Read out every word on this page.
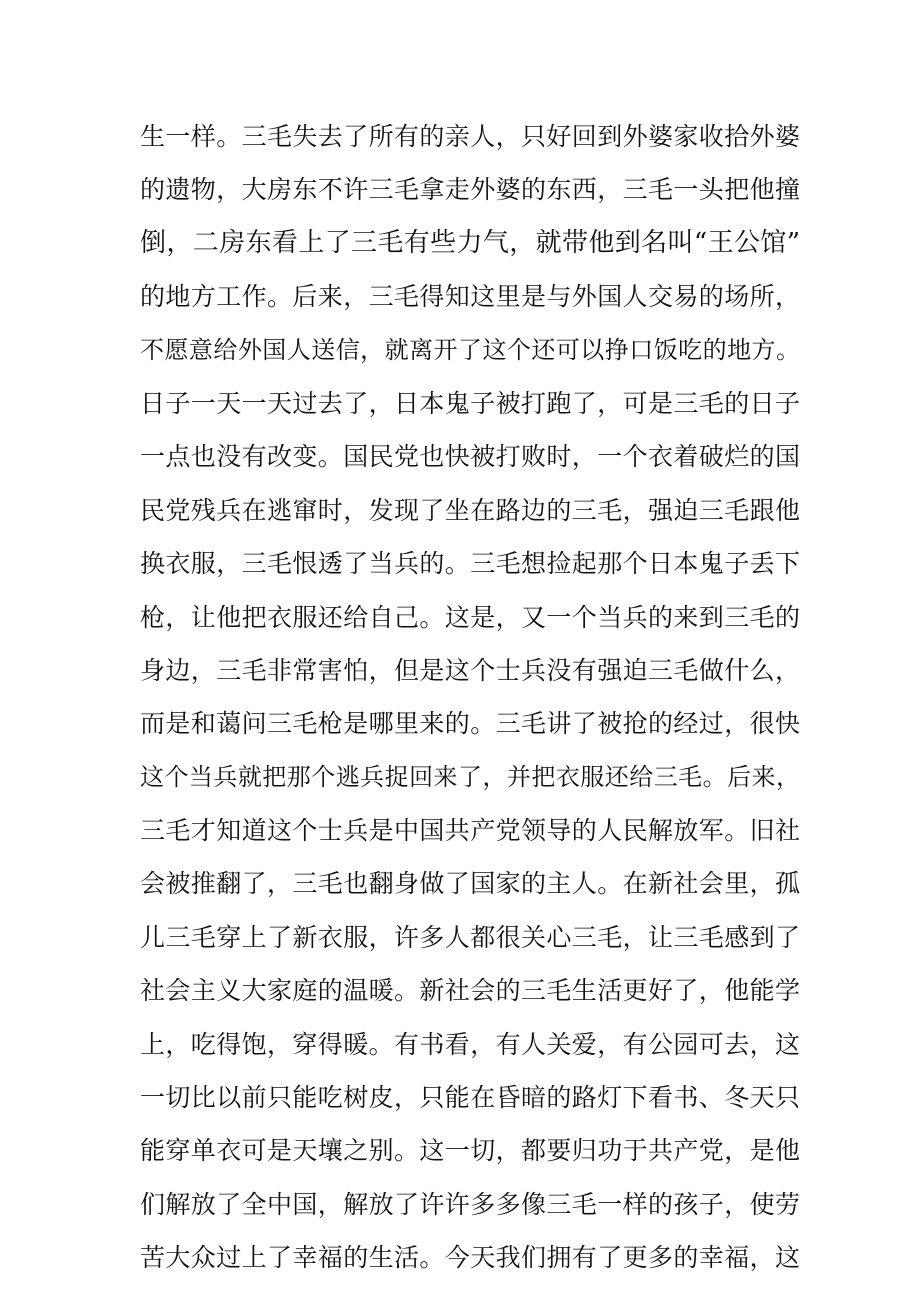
生一样。三毛失去了所有的亲人，只好回到外婆家收拾外婆
的遗物，大房东不许三毛拿走外婆的东西，三毛一头把他撞
倒，二房东看上了三毛有些力气，就带他到名叫“王公馆”
的地方工作。后来，三毛得知这里是与外国人交易的场所，
不愿意给外国人送信，就离开了这个还可以挣口饭吃的地方。
日子一天一天过去了，日本鬼子被打跑了，可是三毛的日子
一点也没有改变。国民党也快被打败时，一个衣着破烂的国
民党残兵在逃窜时，发现了坐在路边的三毛，强迫三毛跟他
换衣服，三毛恨透了当兵的。三毛想捡起那个日本鬼子丢下
枪，让他把衣服还给自己。这是，又一个当兵的来到三毛的
身边，三毛非常害怕，但是这个士兵没有强迫三毛做什么，
而是和蔼问三毛枪是哪里来的。三毛讲了被抢的经过，很快
这个当兵就把那个逃兵捉回来了，并把衣服还给三毛。后来，
三毛才知道这个士兵是中国共产党领导的人民解放军。旧社
会被推翻了，三毛也翻身做了国家的主人。在新社会里，孤
儿三毛穿上了新衣服，许多人都很关心三毛，让三毛感到了
社会主义大家庭的温暖。新社会的三毛生活更好了，他能学
上，吃得饱，穿得暖。有书看，有人关爱，有公园可去，这
一切比以前只能吃树皮，只能在昏暗的路灯下看书、冬天只
能穿单衣可是天壤之别。这一切，都要归功于共产党，是他
们解放了全中国，解放了许许多多像三毛一样的孩子，使劳
苦大众过上了幸福的生活。今天我们拥有了更多的幸福，这
